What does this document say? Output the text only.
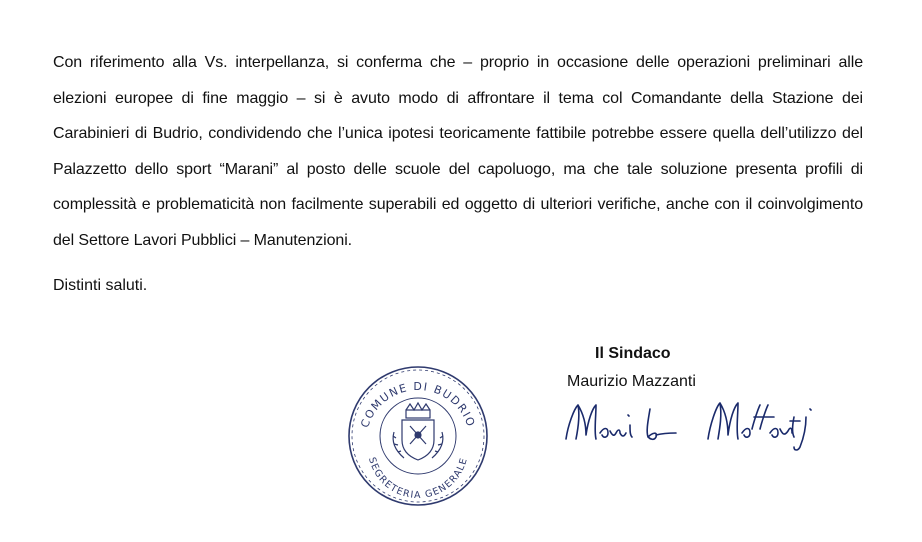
Con riferimento alla Vs. interpellanza, si conferma che – proprio in occasione delle operazioni preliminari alle elezioni europee di fine maggio – si è avuto modo di affrontare il tema col Comandante della Stazione dei Carabinieri di Budrio, condividendo che l’unica ipotesi teoricamente fattibile potrebbe essere quella dell’utilizzo del Palazzetto dello sport “Marani” al posto delle scuole del capoluogo, ma che tale soluzione presenta profili di complessità e problematicità non facilmente superabili ed oggetto di ulteriori verifiche, anche con il coinvolgimento del Settore Lavori Pubblici – Manutenzioni.

Distinti saluti.
COMUNE DI BUDRIO
SEGRETERIA GENERALE
Il Sindaco
Maurizio Mazzanti
